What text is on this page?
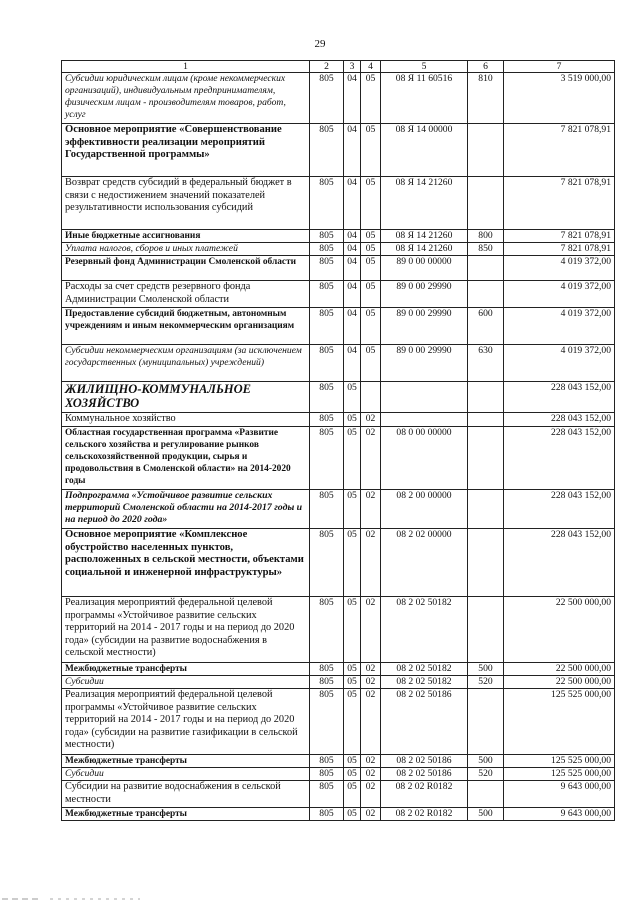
29
1	2	3	4	5	6	7
Субсидии юридическим лицам (кроме некоммерческих организаций), индивидуальным предпринимателям, физическим лицам - производителям товаров, работ, услуг	805	04	05	08 Я 11 60516	810	3 519 000,00
Основное мероприятие «Совершенствование эффективности реализации мероприятий Государственной программы»	805	04	05	08 Я 14 00000		7 821 078,91
Возврат средств субсидий в федеральный бюджет в связи с недостижением значений показателей результативности использования субсидий	805	04	05	08 Я 14 21260		7 821 078,91
Иные бюджетные ассигнования	805	04	05	08 Я 14 21260	800	7 821 078,91
Уплата налогов, сборов и иных платежей	805	04	05	08 Я 14 21260	850	7 821 078,91
Резервный фонд Администрации Смоленской области	805	04	05	89 0 00 00000		4 019 372,00
Расходы за счет средств резервного фонда Администрации Смоленской области	805	04	05	89 0 00 29990		4 019 372,00
Предоставление субсидий бюджетным, автономным учреждениям и иным некоммерческим организациям	805	04	05	89 0 00 29990	600	4 019 372,00
Субсидии некоммерческим организациям (за исключением государственных (муниципальных) учреждений)	805	04	05	89 0 00 29990	630	4 019 372,00
ЖИЛИЩНО-КОММУНАЛЬНОЕ ХОЗЯЙСТВО	805	05				228 043 152,00
Коммунальное хозяйство	805	05	02			228 043 152,00
Областная государственная программа «Развитие сельского хозяйства и регулирование рынков сельскохозяйственной продукции, сырья и продовольствия в Смоленской области» на 2014-2020 годы	805	05	02	08 0 00 00000		228 043 152,00
Подпрограмма «Устойчивое развитие сельских территорий Смоленской области на 2014-2017 годы и на период до 2020 года»	805	05	02	08 2 00 00000		228 043 152,00
Основное мероприятие «Комплексное обустройство населенных пунктов, расположенных в сельской местности, объектами социальной и инженерной инфраструктуры»	805	05	02	08 2 02 00000		228 043 152,00
Реализация мероприятий федеральной целевой программы «Устойчивое развитие сельских территорий на 2014 - 2017 годы и на период до 2020 года» (субсидии на развитие водоснабжения в сельской местности)	805	05	02	08 2 02 50182		22 500 000,00
Межбюджетные трансферты	805	05	02	08 2 02 50182	500	22 500 000,00
Субсидии	805	05	02	08 2 02 50182	520	22 500 000,00
Реализация мероприятий федеральной целевой программы «Устойчивое развитие сельских территорий на 2014 - 2017 годы и на период до 2020 года» (субсидии на развитие газификации в сельской местности)	805	05	02	08 2 02 50186		125 525 000,00
Межбюджетные трансферты	805	05	02	08 2 02 50186	500	125 525 000,00
Субсидии	805	05	02	08 2 02 50186	520	125 525 000,00
Субсидии на развитие водоснабжения в сельской местности	805	05	02	08 2 02 R0182		9 643 000,00
Межбюджетные трансферты	805	05	02	08 2 02 R0182	500	9 643 000,00
